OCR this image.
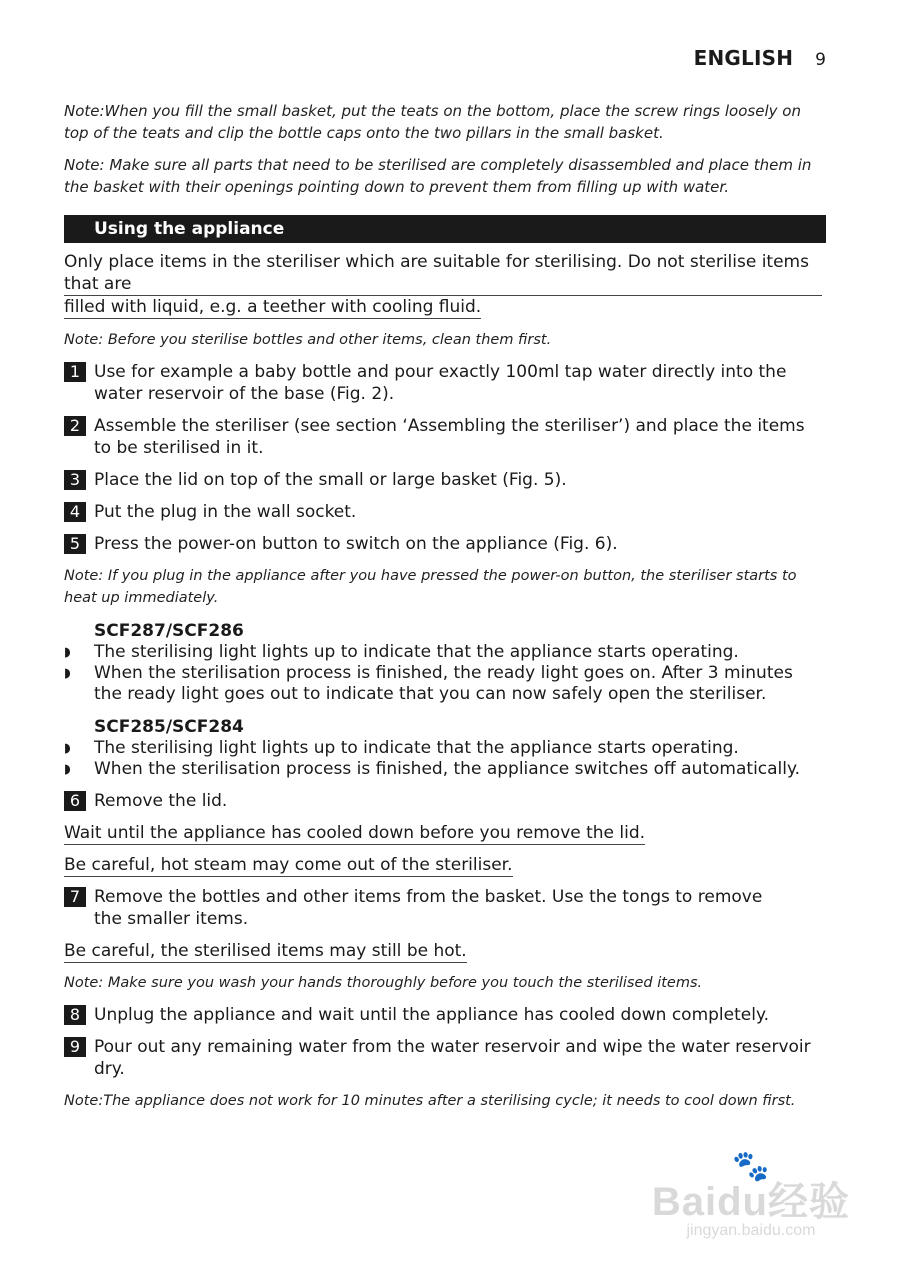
ENGLISH 9

Note:When you fill the small basket, put the teats on the bottom, place the screw rings loosely on top of the teats and clip the bottle caps onto the two pillars in the small basket.

Note: Make sure all parts that need to be sterilised are completely disassembled and place them in the basket with their openings pointing down to prevent them from filling up with water.

Using the appliance

Only place items in the steriliser which are suitable for sterilising. Do not sterilise items that are

filled with liquid, e.g. a teether with cooling fluid.

Note: Before you sterilise bottles and other items, clean them first.

1 Use for example a baby bottle and pour exactly 100ml tap water directly into the water reservoir of the base (Fig. 2).
2 Assemble the steriliser (see section ‘Assembling the steriliser’) and place the items to be sterilised in it.
3 Place the lid on top of the small or large basket (Fig. 5).
4 Put the plug in the wall socket.
5 Press the power-on button to switch on the appliance (Fig. 6).

Note: If you plug in the appliance after you have pressed the power-on button, the steriliser starts to heat up immediately.

SCF287/SCF286
◗	The sterilising light lights up to indicate that the appliance starts operating.
◗	When the sterilisation process is finished, the ready light goes on. After 3 minutes the ready light goes out to indicate that you can now safely open the steriliser.
SCF285/SCF284
◗	The sterilising light lights up to indicate that the appliance starts operating.
◗	When the sterilisation process is finished, the appliance switches off automatically.
6 Remove the lid.

Wait until the appliance has cooled down before you remove the lid.

Be careful, hot steam may come out of the steriliser.

7 Remove the bottles and other items from the basket. Use the tongs to remove the smaller items.

Be careful, the sterilised items may still be hot.

Note: Make sure you wash your hands thoroughly before you touch the sterilised items.

8 Unplug the appliance and wait until the appliance has cooled down completely.
9 Pour out any remaining water from the water reservoir and wipe the water reservoir dry.

Note:The appliance does not work for 10 minutes after a sterilising cycle; it needs to cool down first.

🐾
Baidu经验
jingyan.baidu.com
